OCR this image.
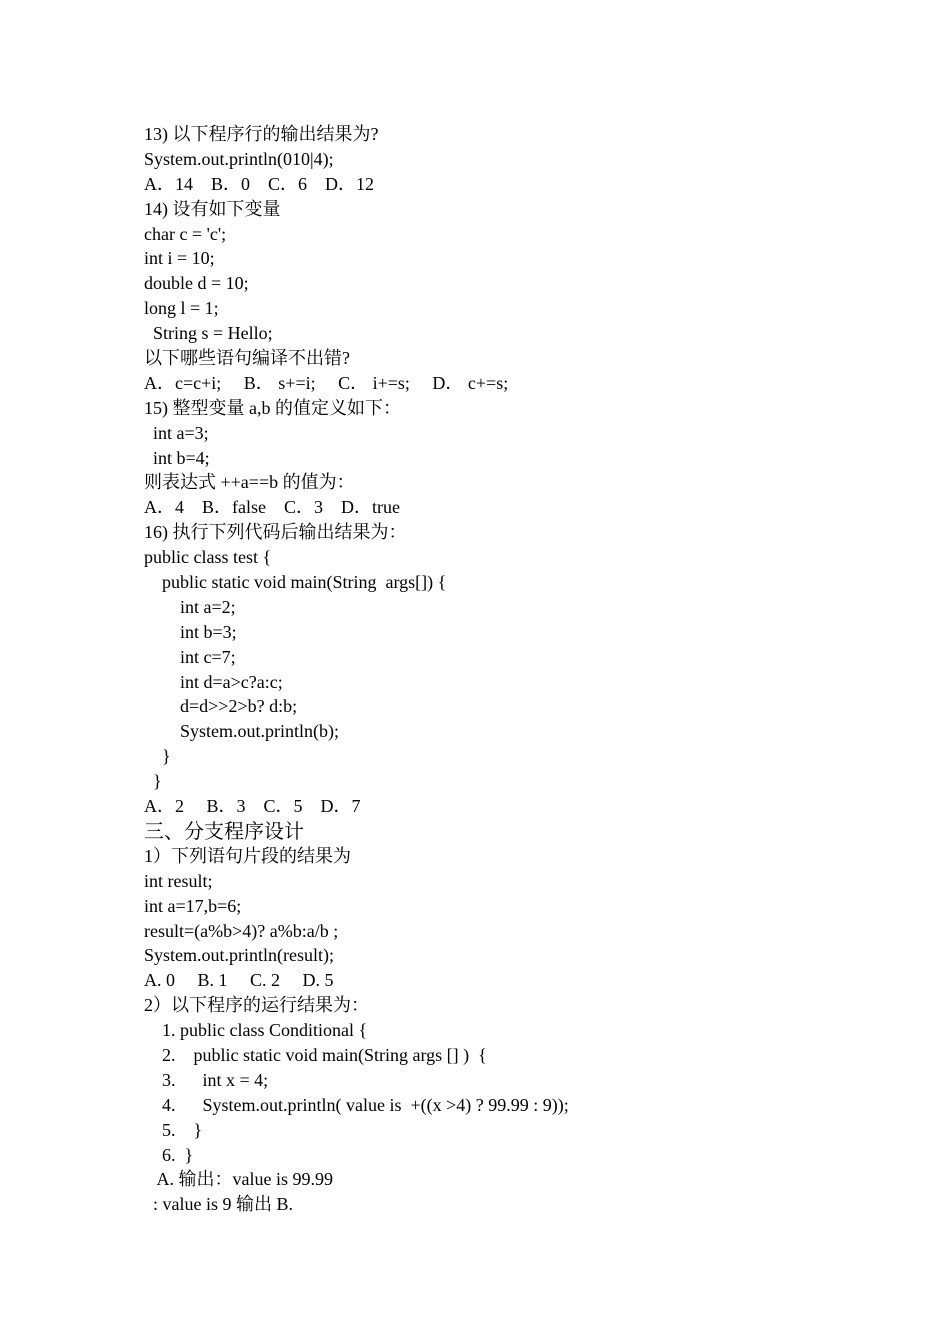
13) 以下程序行的输出结果为?
System.out.println(010|4);
A．14　B．0　C．6　D．12
14) 设有如下变量
char c = 'c';
int i = 10;
double d = 10;
long l = 1;
String s = Hello;
以下哪些语句编译不出错?
A．c=c+i;　 B． s+=i;　 C． i+=s;　 D． c+=s;
15) 整型变量 a,b 的值定义如下：
int a=3;
int b=4;
则表达式 ++a==b 的值为：
A．4　B．false　C．3　D．true
16) 执行下列代码后输出结果为：
public class test {
public static void main(String  args[]) {
int a=2;
int b=3;
int c=7;
int d=a>c?a:c;
d=d>>2>b? d:b;
System.out.println(b);
}
}
A．2　 B．3　C．5　D．7
三、分支程序设计
1）下列语句片段的结果为
int result;
int a=17,b=6;
result=(a%b>4)? a%b:a/b ;
System.out.println(result);
A. 0　 B. 1　 C. 2　 D. 5
2）以下程序的运行结果为：
1. public class Conditional {
2.    public static void main(String args [] )  {
3.      int x = 4;
4.      System.out.println( value is  +((x >4) ? 99.99 : 9));
5.    }
6.  }
A. 输出：value is 99.99
: value is 9 输出 B.
